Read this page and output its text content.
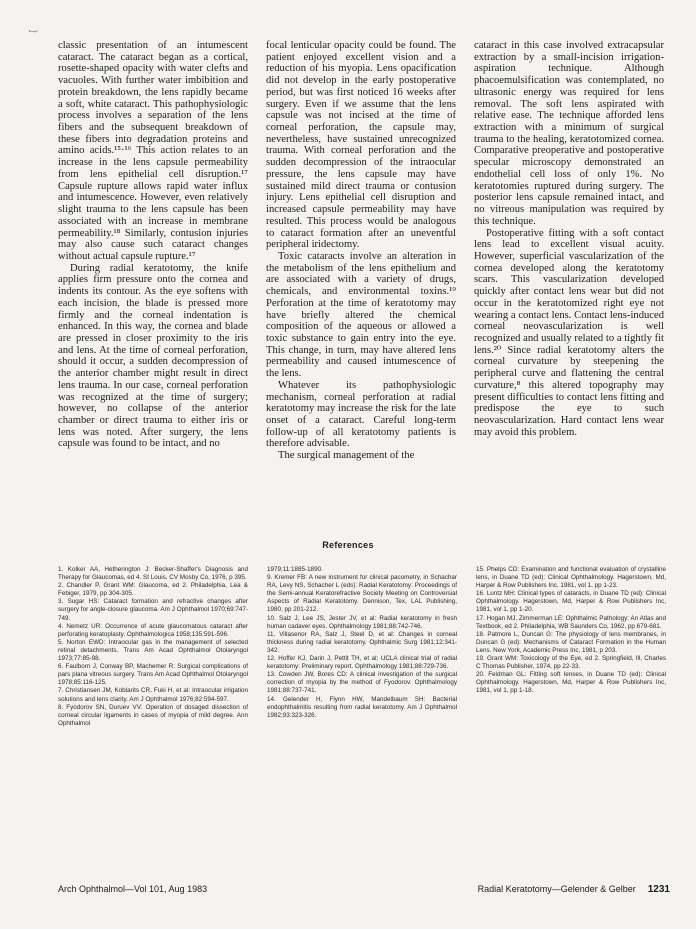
·–-·

classic presentation of an intumescent cataract. The cataract began as a cortical, rosette-shaped opacity with water clefts and vacuoles. With further water imbibition and protein breakdown, the lens rapidly became a soft, white cataract. This pathophysiologic process involves a separation of the lens fibers and the subsequent breakdown of these fibers into degradation proteins and amino acids.¹⁵·¹⁶ This action relates to an increase in the lens capsule permeability from lens epithelial cell disruption.¹⁷ Capsule rupture allows rapid water influx and intumescence. However, even relatively slight trauma to the lens capsule has been associated with an increase in membrane permeability.¹⁸ Similarly, contusion injuries may also cause such cataract changes without actual capsule rupture.¹⁷

During radial keratotomy, the knife applies firm pressure onto the cornea and indents its contour. As the eye softens with each incision, the blade is pressed more firmly and the corneal indentation is enhanced. In this way, the cornea and blade are pressed in closer proximity to the iris and lens. At the time of corneal perforation, should it occur, a sudden decompression of the anterior chamber might result in direct lens trauma. In our case, corneal perforation was recognized at the time of surgery; however, no collapse of the anterior chamber or direct trauma to either iris or lens was noted. After surgery, the lens capsule was found to be intact, and no

focal lenticular opacity could be found. The patient enjoyed excellent vision and a reduction of his myopia. Lens opacification did not develop in the early postoperative period, but was first noticed 16 weeks after surgery. Even if we assume that the lens capsule was not incised at the time of corneal perforation, the capsule may, nevertheless, have sustained unrecognized trauma. With corneal perforation and the sudden decompression of the intraocular pressure, the lens capsule may have sustained mild direct trauma or contusion injury. Lens epithelial cell disruption and increased capsule permeability may have resulted. This process would be analogous to cataract formation after an uneventful peripheral iridectomy.

Toxic cataracts involve an alteration in the metabolism of the lens epithelium and are associated with a variety of drugs, chemicals, and environmental toxins.¹⁹ Perforation at the time of keratotomy may have briefly altered the chemical composition of the aqueous or allowed a toxic substance to gain entry into the eye. This change, in turn, may have altered lens permeability and caused intumescence of the lens.

Whatever its pathophysiologic mechanism, corneal perforation at radial keratotomy may increase the risk for the late onset of a cataract. Careful long-term follow-up of all keratotomy patients is therefore advisable.

The surgical management of the

cataract in this case involved extracapsular extraction by a small-incision irrigation-aspiration technique. Although phacoemulsification was contemplated, no ultrasonic energy was required for lens removal. The soft lens aspirated with relative ease. The technique afforded lens extraction with a minimum of surgical trauma to the healing, keratotomized cornea. Comparative preoperative and postoperative specular microscopy demonstrated an endothelial cell loss of only 1%. No keratotomies ruptured during surgery. The posterior lens capsule remained intact, and no vitreous manipulation was required by this technique.

Postoperative fitting with a soft contact lens lead to excellent visual acuity. However, superficial vascularization of the cornea developed along the keratotomy scars. This vascularization developed quickly after contact lens wear but did not occur in the keratotomized right eye not wearing a contact lens. Contact lens-induced corneal neovascularization is well recognized and usually related to a tightly fit lens.²⁰ Since radial keratotomy alters the corneal curvature by steepening the peripheral curve and flattening the central curvature,⁸ this altered topography may present difficulties to contact lens fitting and predispose the eye to such neovascularization. Hard contact lens wear may avoid this problem.

References
1. Kolker AA, Hetherington J: Becker-Shaffer's Diagnosis and Therapy for Glaucomas, ed 4. St Louis, CV Mosby Co, 1976, p 395.
2. Chandler P, Grant WM: Glaucoma, ed 2. Philadelphia, Lea & Febiger, 1979, pp 304-305.
3. Sugar HS: Cataract formation and refractive changes after surgery for angle-closure glaucoma. Am J Ophthalmol 1970;69:747-749.
4. Nemetz UR: Occurrence of acute glaucomatous cataract after perforating keratoplasty. Ophthalmologica 1958;135:591-596.
5. Norton EWD: Intraocular gas in the management of selected retinal detachments. Trans Am Acad Ophthalmol Otolaryngol 1973;77:85-98.
6. Faulborn J, Conway BP, Machemer R: Surgical complications of pars plana vitreous surgery. Trans Am Acad Ophthalmol Otolaryngol 1978;85:116-125.
7. Christiansen JM, Koblarits CR, Fuki H, et al: Intraocular irrigation solutions and lens clarity. Am J Ophthalmol 1976;82:594-597.
8. Fyodorov SN, Duruev VV: Operation of dosaged dissection of corneal circular ligaments in cases of myopia of mild degree. Ann Ophthalmol
1979;11:1885-1890.
9. Kremer FB: A new instrument for clinical pacometry, in Schachar RA, Levy NS, Schacher L (eds): Radial Keratotomy: Proceedings of the Semi-annual Keratorefractive Society Meeting on Controversial Aspects of Radial Keratotomy. Dennison, Tex, LAL Publishing, 1980, pp 201-212.
10. Salz J, Lee JS, Jester JV, et al: Radial keratotomy in fresh human cadaver eyes. Ophthalmology 1981;88:742-746.
11. Villasenor RA, Salz J, Steel D, et al: Changes in corneal thickness during radial keratotomy. Ophthalmic Surg 1981;12:341-342.
12. Hoffer KJ, Darin J, Pettit TH, et al: UCLA clinical trial of radial keratotomy: Preliminary report. Ophthalmology 1981;88:729-736.
13. Cowden JW, Bores CD: A clinical investigation of the surgical correction of myopia by the method of Fyodorov. Ophthalmology 1981;88:737-741.
14. Gelender H, Flynn HW, Mandelbaum SH: Bacterial endophthalmitis resulting from radial keratotomy. Am J Ophthalmol 1982;93:323-326.
15. Phelps CD: Examination and functional evaluation of crystalline lens, in Duane TD (ed): Clinical Ophthalmology. Hagerstown, Md, Harper & Row Publishers Inc, 1981, vol 1, pp 1-23.
16. Luntz MH: Clinical types of cataracts, in Duane TD (ed): Clinical Ophthalmology. Hagerstown, Md, Harper & Row Publishers Inc, 1981, vol 1, pp 1-20.
17. Hogan MJ, Zimmerman LE: Ophthalmic Pathology: An Atlas and Textbook, ed 2. Philadelphia, WB Saunders Co, 1962, pp 679-681.
18. Patmore L, Duncan G: The physiology of lens membranes, in Duncan G (ed): Mechanisms of Cataract Formation in the Human Lens. New York, Academic Press Inc, 1981, p 203.
19. Grant WM: Toxicology of the Eye, ed 2. Springfield, Ill, Charles C Thomas Publisher, 1974, pp 22-33.
20. Feldman GL: Fitting soft lenses, in Duane TD (ed): Clinical Ophthalmology. Hagerstown, Md, Harper & Row Publishers Inc, 1981, vol 1, pp 1-18.
Arch Ophthalmol—Vol 101, Aug 1983	Radial Keratotomy—Gelender & Gelber 1231
